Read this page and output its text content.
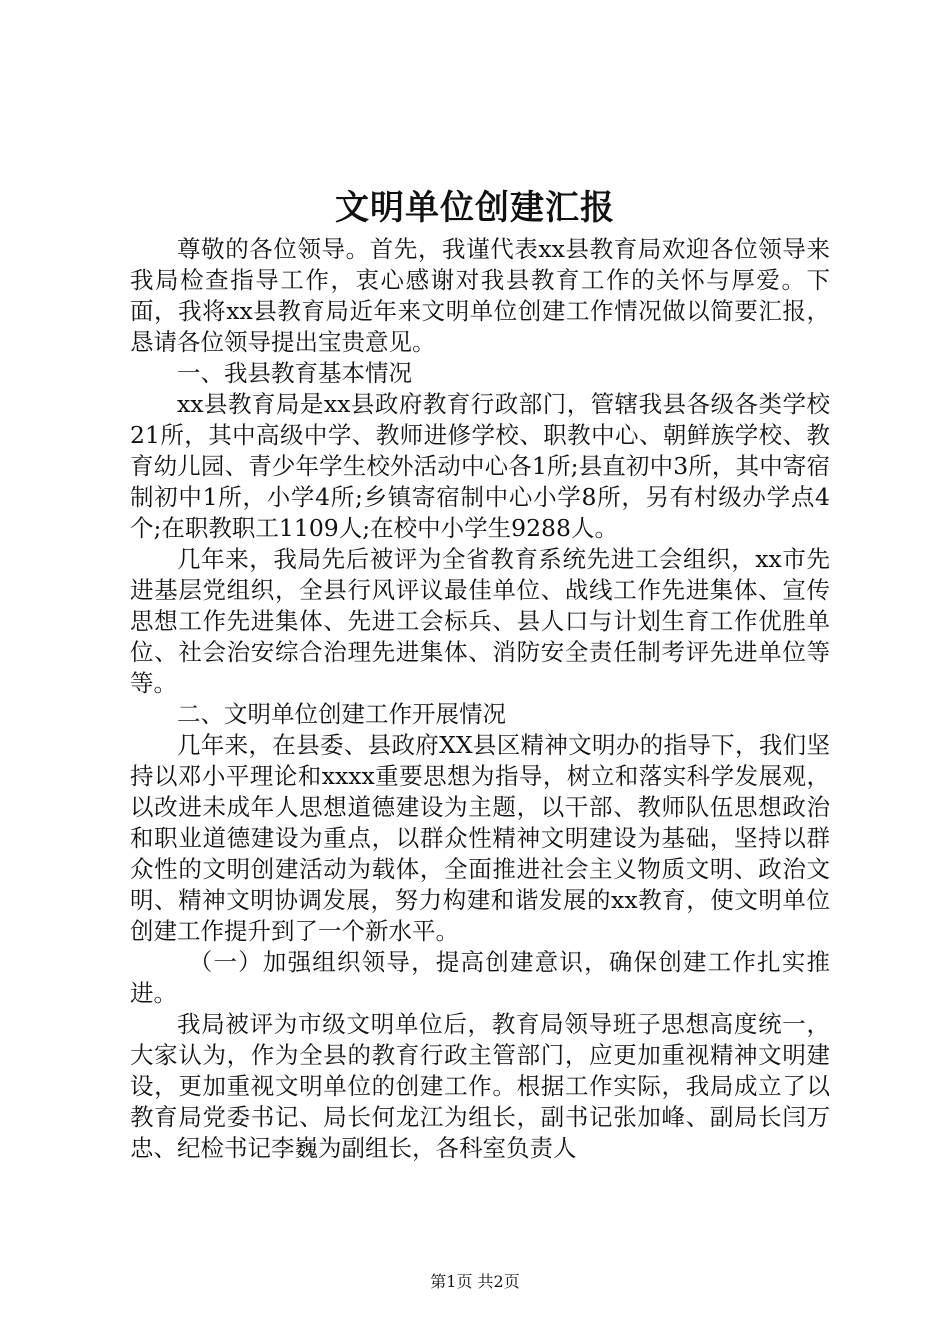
文明单位创建汇报

尊敬的各位领导。首先，我谨代表xx县教育局欢迎各位领导来我局检查指导工作，衷心感谢对我县教育工作的关怀与厚爱。下面，我将xx县教育局近年来文明单位创建工作情况做以简要汇报，恳请各位领导提出宝贵意见。

一、我县教育基本情况

xx县教育局是xx县政府教育行政部门，管辖我县各级各类学校21所，其中高级中学、教师进修学校、职教中心、朝鲜族学校、教育幼儿园、青少年学生校外活动中心各1所;县直初中3所，其中寄宿制初中1所，小学4所;乡镇寄宿制中心小学8所，另有村级办学点4个;在职教职工1109人;在校中小学生9288人。

几年来，我局先后被评为全省教育系统先进工会组织，xx市先进基层党组织，全县行风评议最佳单位、战线工作先进集体、宣传思想工作先进集体、先进工会标兵、县人口与计划生育工作优胜单位、社会治安综合治理先进集体、消防安全责任制考评先进单位等等。

二、文明单位创建工作开展情况

几年来，在县委、县政府XX县区精神文明办的指导下，我们坚持以邓小平理论和xxxx重要思想为指导，树立和落实科学发展观，以改进未成年人思想道德建设为主题，以干部、教师队伍思想政治和职业道德建设为重点，以群众性精神文明建设为基础，坚持以群众性的文明创建活动为载体，全面推进社会主义物质文明、政治文明、精神文明协调发展，努力构建和谐发展的xx教育，使文明单位创建工作提升到了一个新水平。

（一）加强组织领导，提高创建意识，确保创建工作扎实推进。

我局被评为市级文明单位后，教育局领导班子思想高度统一，大家认为，作为全县的教育行政主管部门，应更加重视精神文明建设，更加重视文明单位的创建工作。根据工作实际，我局成立了以教育局党委书记、局长何龙江为组长，副书记张加峰、副局长闫万忠、纪检书记李巍为副组长，各科室负责人

第1页 共2页
